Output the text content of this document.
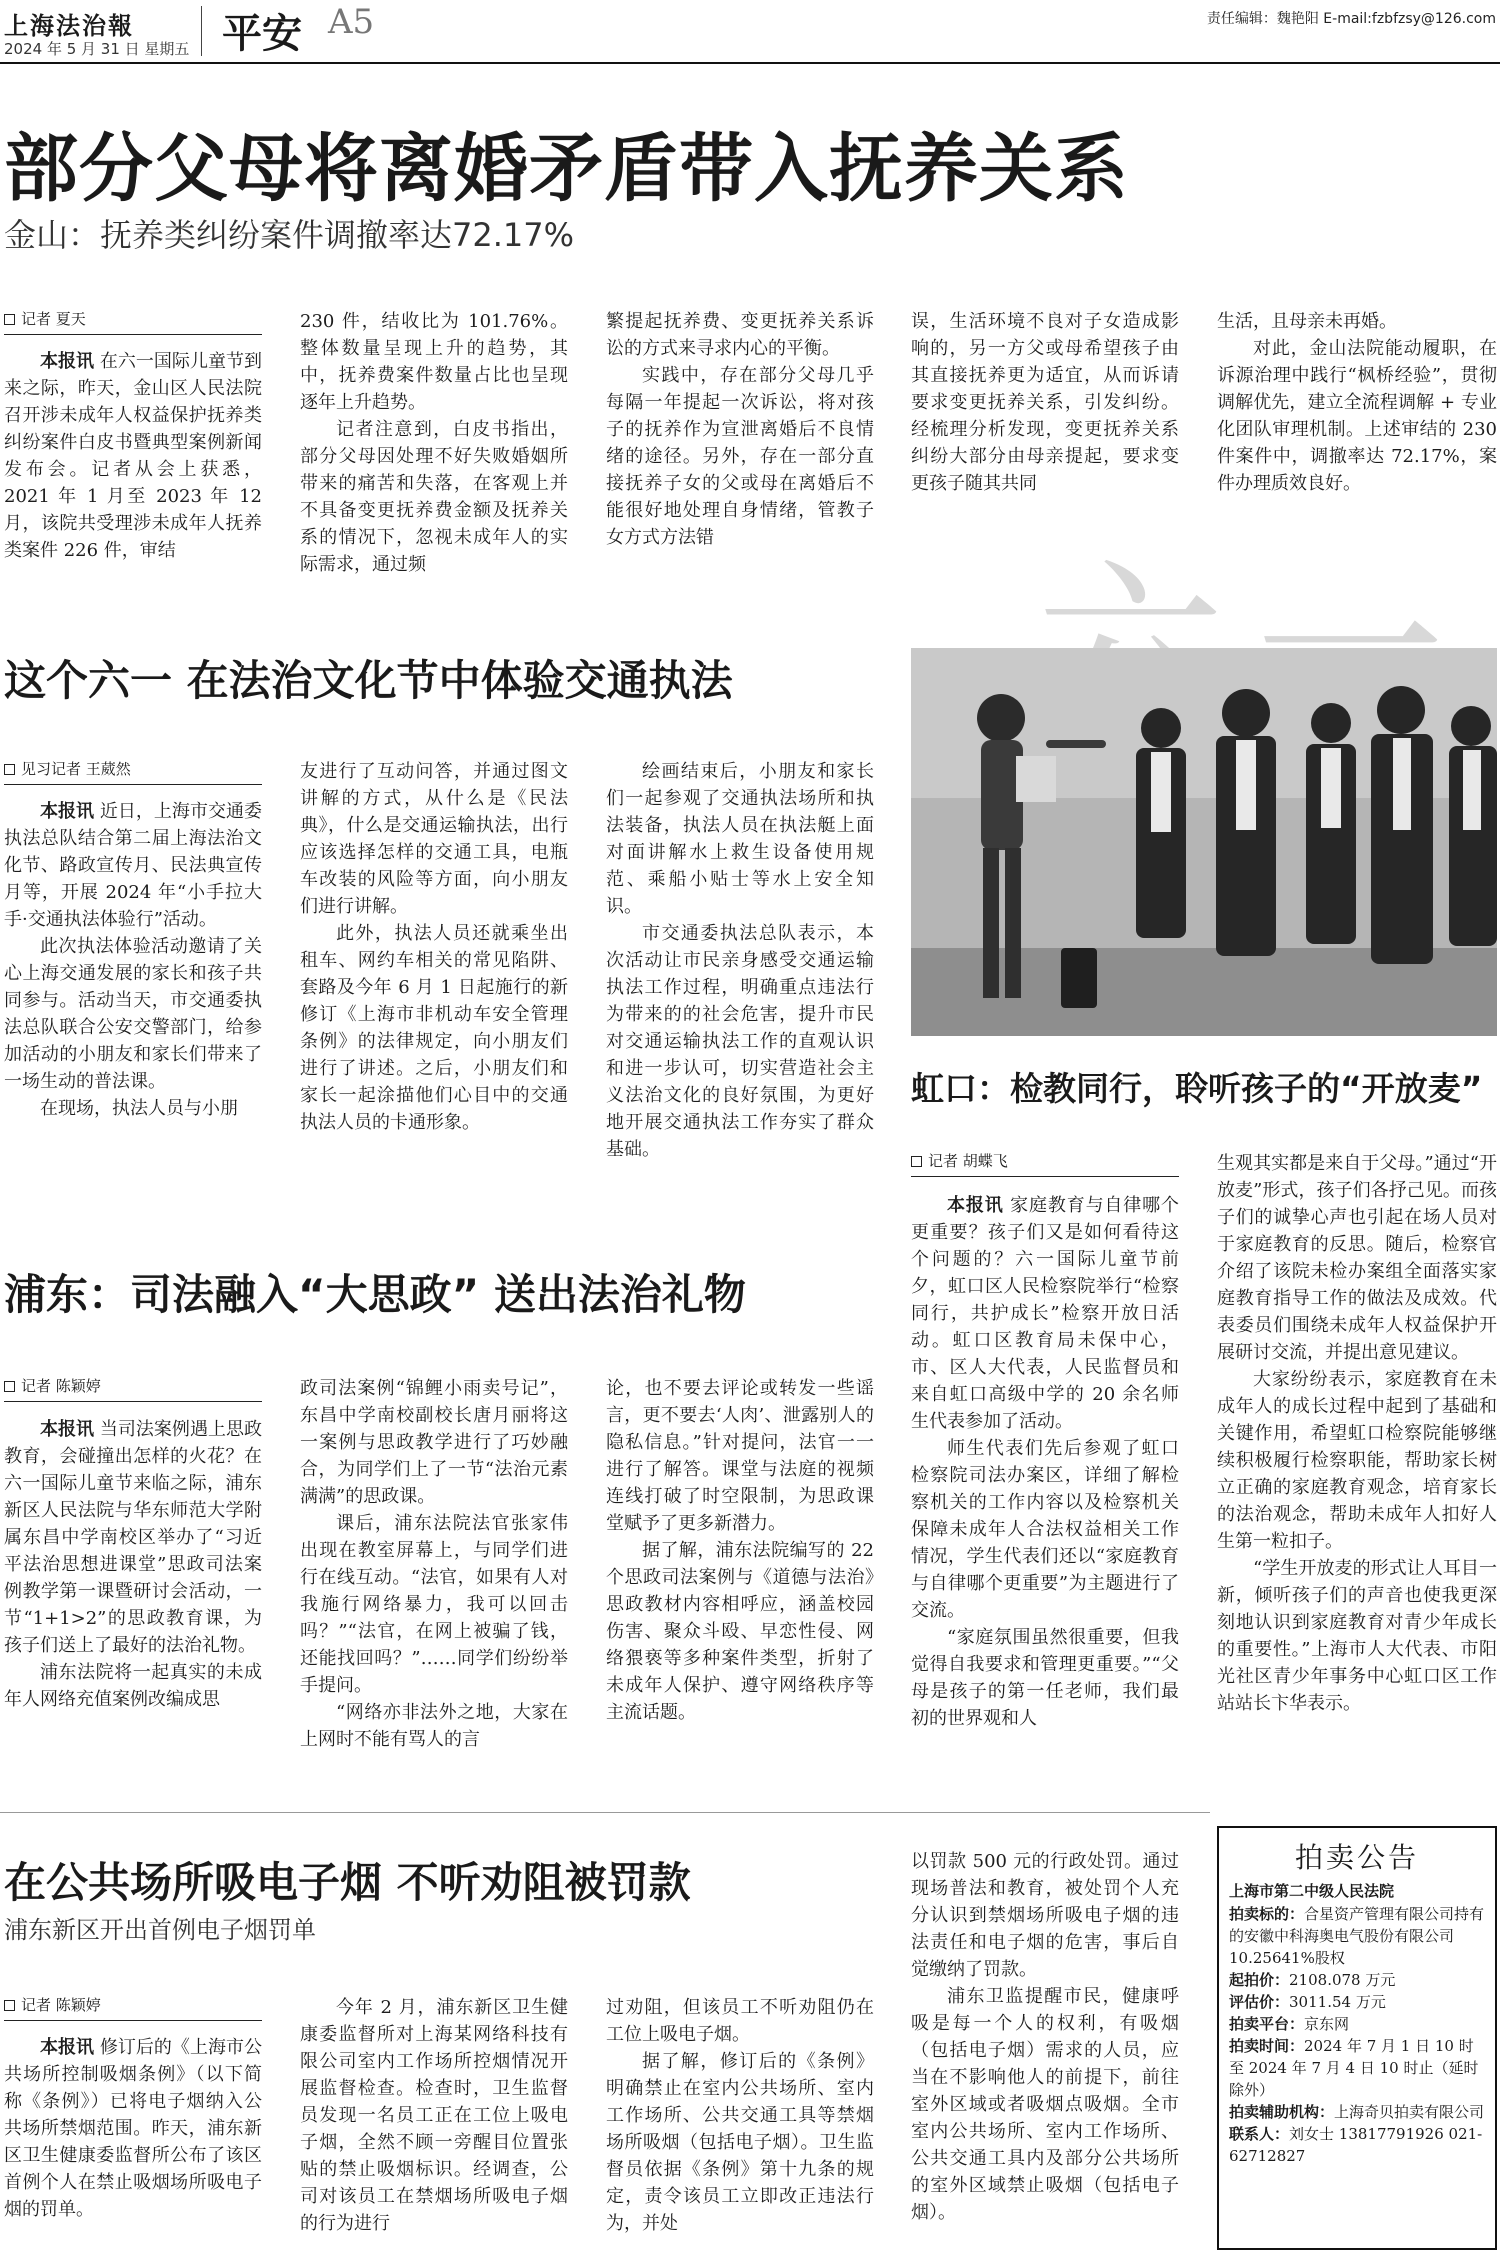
上海法治報
2024 年 5 月 31 日 星期五 平安 A5	责任编辑：魏艳阳 E-mail:fzbfzsy@126.com
部分父母将离婚矛盾带入抚养关系
金山：抚养类纠纷案件调撤率达72.17%
记者 夏天

本报讯 在六一国际儿童节到来之际，昨天，金山区人民法院召开涉未成年人权益保护抚养类纠纷案件白皮书暨典型案例新闻发布会。记者从会上获悉，2021 年 1 月至 2023 年 12 月，该院共受理涉未成年人抚养类案件 226 件，审结

230 件，结收比为 101.76%。整体数量呈现上升的趋势，其中，抚养费案件数量占比也呈现逐年上升趋势。

记者注意到，白皮书指出，部分父母因处理不好失败婚姻所带来的痛苦和失落，在客观上并不具备变更抚养费金额及抚养关系的情况下，忽视未成年人的实际需求，通过频

繁提起抚养费、变更抚养关系诉讼的方式来寻求内心的平衡。

实践中，存在部分父母几乎每隔一年提起一次诉讼，将对孩子的抚养作为宣泄离婚后不良情绪的途径。另外，存在一部分直接抚养子女的父或母在离婚后不能很好地处理自身情绪，管教子女方式方法错

误，生活环境不良对子女造成影响的，另一方父或母希望孩子由其直接抚养更为适宜，从而诉请要求变更抚养关系，引发纠纷。经梳理分析发现，变更抚养关系纠纷大部分由母亲提起，要求变更孩子随其共同

生活，且母亲未再婚。

对此，金山法院能动履职，在诉源治理中践行“枫桥经验”，贯彻调解优先，建立全流程调解 + 专业化团队审理机制。上述审结的 230 件案件中，调撤率达 72.17%，案件办理质效良好。

这个六一 在法治文化节中体验交通执法
见习记者 王葳然

本报讯 近日，上海市交通委执法总队结合第二届上海法治文化节、路政宣传月、民法典宣传月等，开展 2024 年“小手拉大手·交通执法体验行”活动。

此次执法体验活动邀请了关心上海交通发展的家长和孩子共同参与。活动当天，市交通委执法总队联合公安交警部门，给参加活动的小朋友和家长们带来了一场生动的普法课。

在现场，执法人员与小朋

友进行了互动问答，并通过图文讲解的方式，从什么是《民法典》，什么是交通运输执法，出行应该选择怎样的交通工具，电瓶车改装的风险等方面，向小朋友们进行讲解。

此外，执法人员还就乘坐出租车、网约车相关的常见陷阱、套路及今年 6 月 1 日起施行的新修订《上海市非机动车安全管理条例》的法律规定，向小朋友们进行了讲述。之后，小朋友们和家长一起涂描他们心目中的交通执法人员的卡通形象。

绘画结束后，小朋友和家长们一起参观了交通执法场所和执法装备，执法人员在执法艇上面对面讲解水上救生设备使用规范、乘船小贴士等水上安全知识。

市交通委执法总队表示，本次活动让市民亲身感受交通运输执法工作过程，明确重点违法行为带来的的社会危害，提升市民对交通运输执法工作的直观认识和进一步认可，切实营造社会主义法治文化的良好氛围，为更好地开展交通执法工作夯实了群众基础。

虹口：检教同行，聆听孩子的“开放麦”
记者 胡蝶飞

本报讯 家庭教育与自律哪个更重要？孩子们又是如何看待这个问题的？六一国际儿童节前夕，虹口区人民检察院举行“检察同行，共护成长”检察开放日活动。虹口区教育局未保中心，市、区人大代表，人民监督员和来自虹口高级中学的 20 余名师生代表参加了活动。

师生代表们先后参观了虹口检察院司法办案区，详细了解检察机关的工作内容以及检察机关保障未成年人合法权益相关工作情况，学生代表们还以“家庭教育与自律哪个更重要”为主题进行了交流。

“家庭氛围虽然很重要，但我觉得自我要求和管理更重要。”“父母是孩子的第一任老师，我们最初的世界观和人

生观其实都是来自于父母。”通过“开放麦”形式，孩子们各抒己见。而孩子们的诚挚心声也引起在场人员对于家庭教育的反思。随后，检察官介绍了该院未检办案组全面落实家庭教育指导工作的做法及成效。代表委员们围绕未成年人权益保护开展研讨交流，并提出意见建议。

大家纷纷表示，家庭教育在未成年人的成长过程中起到了基础和关键作用，希望虹口检察院能够继续积极履行检察职能，帮助家长树立正确的家庭教育观念，培育家长的法治观念，帮助未成年人扣好人生第一粒扣子。

“学生开放麦的形式让人耳目一新，倾听孩子们的声音也使我更深刻地认识到家庭教育对青少年成长的重要性。”上海市人大代表、市阳光社区青少年事务中心虹口区工作站站长卞华表示。

浦东：司法融入“大思政” 送出法治礼物
记者 陈颖婷

本报讯 当司法案例遇上思政教育，会碰撞出怎样的火花？在六一国际儿童节来临之际，浦东新区人民法院与华东师范大学附属东昌中学南校区举办了“习近平法治思想进课堂”思政司法案例教学第一课暨研讨会活动，一节“1+1>2”的思政教育课，为孩子们送上了最好的法治礼物。

浦东法院将一起真实的未成年人网络充值案例改编成思

政司法案例“锦鲤小雨卖号记”，东昌中学南校副校长唐月丽将这一案例与思政教学进行了巧妙融合，为同学们上了一节“法治元素满满”的思政课。

课后，浦东法院法官张家伟出现在教室屏幕上，与同学们进行在线互动。“法官，如果有人对我施行网络暴力，我可以回击吗？”“法官，在网上被骗了钱，还能找回吗？”……同学们纷纷举手提问。

“网络亦非法外之地，大家在上网时不能有骂人的言

论，也不要去评论或转发一些谣言，更不要去‘人肉’、泄露别人的隐私信息。”针对提问，法官一一进行了解答。课堂与法庭的视频连线打破了时空限制，为思政课堂赋予了更多新潜力。

据了解，浦东法院编写的 22 个思政司法案例与《道德与法治》思政教材内容相呼应，涵盖校园伤害、聚众斗殴、早恋性侵、网络猥亵等多种案件类型，折射了未成年人保护、遵守网络秩序等主流话题。

在公共场所吸电子烟 不听劝阻被罚款
浦东新区开出首例电子烟罚单
记者 陈颖婷

本报讯 修订后的《上海市公共场所控制吸烟条例》（以下简称《条例》）已将电子烟纳入公共场所禁烟范围。昨天，浦东新区卫生健康委监督所公布了该区首例个人在禁止吸烟场所吸电子烟的罚单。

今年 2 月，浦东新区卫生健康委监督所对上海某网络科技有限公司室内工作场所控烟情况开展监督检查。检查时，卫生监督员发现一名员工正在工位上吸电子烟，全然不顾一旁醒目位置张贴的禁止吸烟标识。经调查，公司对该员工在禁烟场所吸电子烟的行为进行

过劝阻，但该员工不听劝阻仍在工位上吸电子烟。

据了解，修订后的《条例》明确禁止在室内公共场所、室内工作场所、公共交通工具等禁烟场所吸烟（包括电子烟）。卫生监督员依据《条例》第十九条的规定，责令该员工立即改正违法行为，并处

以罚款 500 元的行政处罚。通过现场普法和教育，被处罚个人充分认识到禁烟场所吸电子烟的违法责任和电子烟的危害，事后自觉缴纳了罚款。

浦东卫监提醒市民，健康呼吸是每一个人的权利，有吸烟（包括电子烟）需求的人员，应当在不影响他人的前提下，前往室外区域或者吸烟点吸烟。全市室内公共场所、室内工作场所、公共交通工具内及部分公共场所的室外区域禁止吸烟（包括电子烟）。

拍卖公告
上海市第二中级人民法院
拍卖标的：合星资产管理有限公司持有的安徽中科海奥电气股份有限公司 10.25641%股权
起拍价：2108.078 万元
评估价：3011.54 万元
拍卖平台：京东网
拍卖时间：2024 年 7 月 1 日 10 时至 2024 年 7 月 4 日 10 时止（延时除外）
拍卖辅助机构：上海奇贝拍卖有限公司
联系人：刘女士 13817791926 021-62712827
